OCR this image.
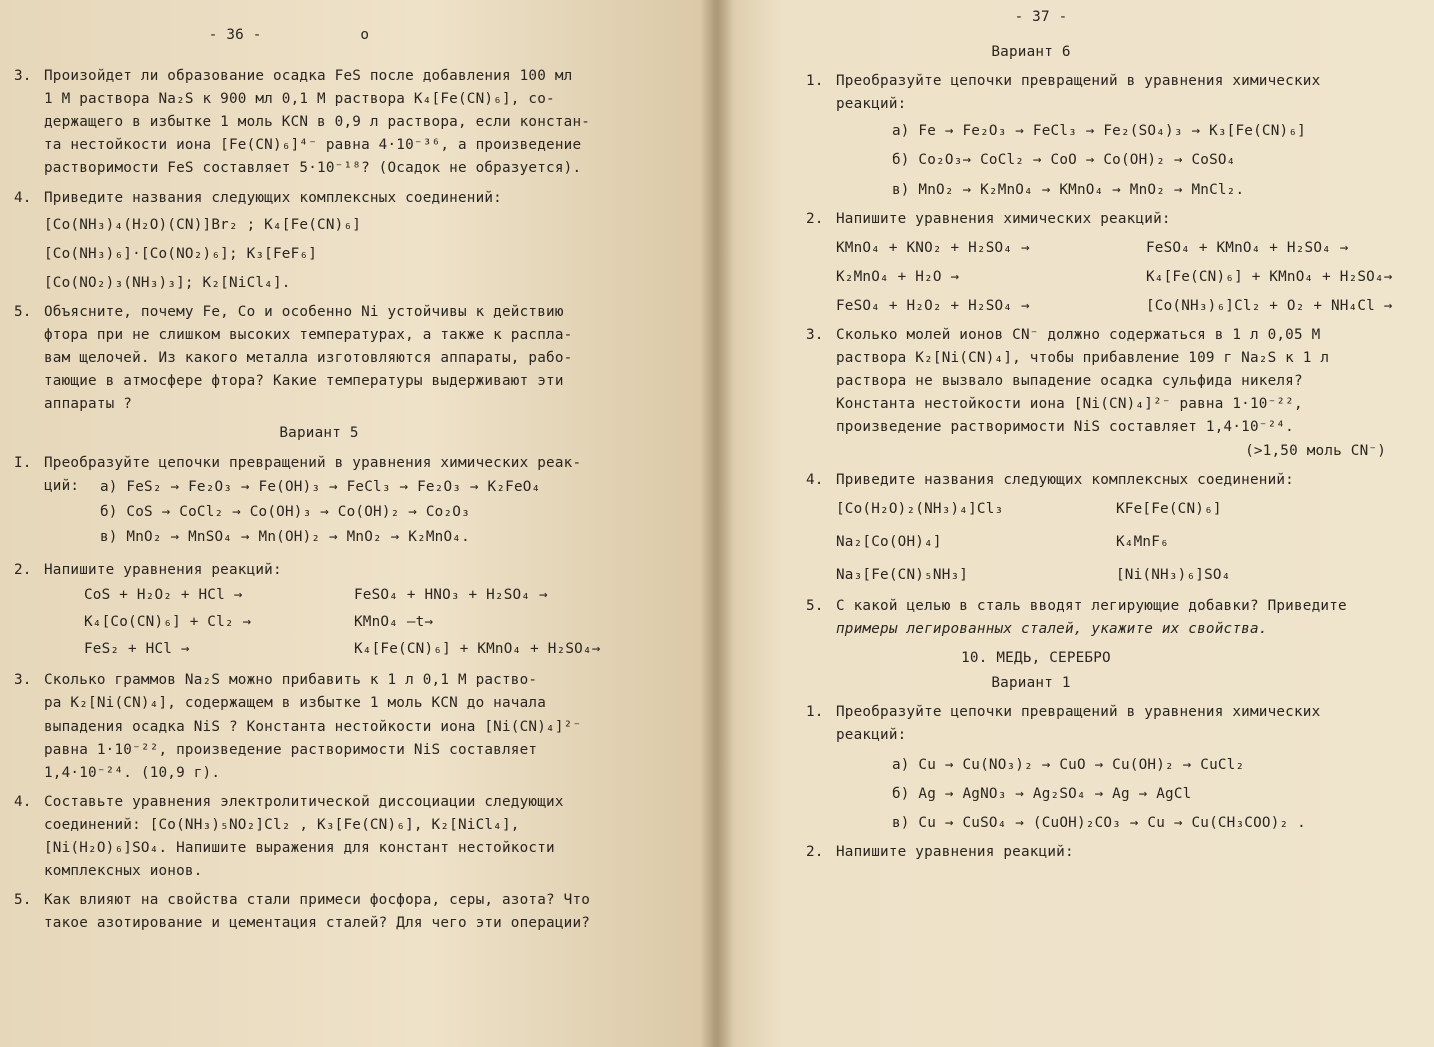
- 36 -	о
3. Произойдет ли образование осадка FeS после добавления 100 мл

1 М раствора Na₂S к 900 мл 0,1 М раствора K₄[Fe(CN)₆], со-

держащего в избытке 1 моль KCN в 0,9 л раствора, если констан-

та нестойкости иона [Fe(CN)₆]⁴⁻ равна 4·10⁻³⁶, а произведение

растворимости FeS составляет 5·10⁻¹⁸? (Осадок не образуется).

4. Приведите названия следующих комплексных соединений:

[Co(NH₃)₄(H₂O)(CN)]Br₂ ; K₄[Fe(CN)₆]
[Co(NH₃)₆]·[Co(NO₂)₆]; K₃[FeF₆]
[Co(NO₂)₃(NH₃)₃]; K₂[NiCl₄].
5. Объясните, почему Fe, Co и особенно Ni устойчивы к действию

фтора при не слишком высоких температурах, а также к распла-

вам щелочей. Из какого металла изготовляются аппараты, рабо-

тающие в атмосфере фтора? Какие температуры выдерживают эти

аппараты ?

Вариант 5
I. Преобразуйте цепочки превращений в уравнения химических реак-

ций:	а) FeS₂ → Fe₂O₃ → Fe(OH)₃ → FeCl₃ → Fe₂O₃ → K₂FeO₄
б) CoS → CoCl₂ → Co(OH)₃ → Co(OH)₂ → Co₂O₃
в) MnO₂ → MnSO₄ → Mn(OH)₂ → MnO₂ → K₂MnO₄.
2. Напишите уравнения реакций:

CoS + H₂O₂ + HCl →	FeSO₄ + HNO₃ + H₂SO₄ →
K₄[Co(CN)₆] + Cl₂ →	KMnO₄ —t→
FeS₂ + HCl →	K₄[Fe(CN)₆] + KMnO₄ + H₂SO₄→
3. Сколько граммов Na₂S можно прибавить к 1 л 0,1 М раство-

ра K₂[Ni(CN)₄], содержащем в избытке 1 моль KCN до начала

выпадения осадка NiS ? Константа нестойкости иона [Ni(CN)₄]²⁻

равна 1·10⁻²², произведение растворимости NiS составляет

1,4·10⁻²⁴. (10,9 г).

4. Составьте уравнения электролитической диссоциации следующих

соединений: [Co(NH₃)₅NO₂]Cl₂ , K₃[Fe(CN)₆], K₂[NiCl₄],

[Ni(H₂O)₆]SO₄. Напишите выражения для констант нестойкости

комплексных ионов.

5. Как влияют на свойства стали примеси фосфора, серы, азота? Что

такое азотирование и цементация сталей? Для чего эти операции?

- 37 -
Вариант 6
1. Преобразуйте цепочки превращений в уравнения химических

реакций:

а) Fe → Fe₂O₃ → FeCl₃ → Fe₂(SO₄)₃ → K₃[Fe(CN)₆]
б) Co₂O₃→ CoCl₂ → CoO → Co(OH)₂ → CoSO₄
в) MnO₂ → K₂MnO₄ → KMnO₄ → MnO₂ → MnCl₂.
2. Напишите уравнения химических реакций:

KMnO₄ + KNO₂ + H₂SO₄ →	FeSO₄ + KMnO₄ + H₂SO₄ →
K₂MnO₄ + H₂O →	K₄[Fe(CN)₆] + KMnO₄ + H₂SO₄→
FeSO₄ + H₂O₂ + H₂SO₄ →	[Co(NH₃)₆]Cl₂ + O₂ + NH₄Cl →
3. Сколько молей ионов CN⁻ должно содержаться в 1 л 0,05 М

раствора K₂[Ni(CN)₄], чтобы прибавление 109 г Na₂S к 1 л

раствора не вызвало выпадение осадка сульфида никеля?

Константа нестойкости иона [Ni(CN)₄]²⁻ равна 1·10⁻²²,

произведение растворимости NiS составляет 1,4·10⁻²⁴.

(>1,50 моль CN⁻)

4. Приведите названия следующих комплексных соединений:

[Co(H₂O)₂(NH₃)₄]Cl₃	KFe[Fe(CN)₆]
Na₂[Co(OH)₄]	K₄MnF₆
Na₃[Fe(CN)₅NH₃]	[Ni(NH₃)₆]SO₄
5. С какой целью в сталь вводят легирующие добавки? Приведите

примеры легированных сталей, укажите их свойства.

10. МЕДЬ, СЕРЕБРО
Вариант 1
1. Преобразуйте цепочки превращений в уравнения химических

реакций:

а) Cu → Cu(NO₃)₂ → CuO → Cu(OH)₂ → CuCl₂
б) Ag → AgNO₃ → Ag₂SO₄ → Ag → AgCl
в) Cu → CuSO₄ → (CuOH)₂CO₃ → Cu → Cu(CH₃COO)₂ .
2. Напишите уравнения реакций:
